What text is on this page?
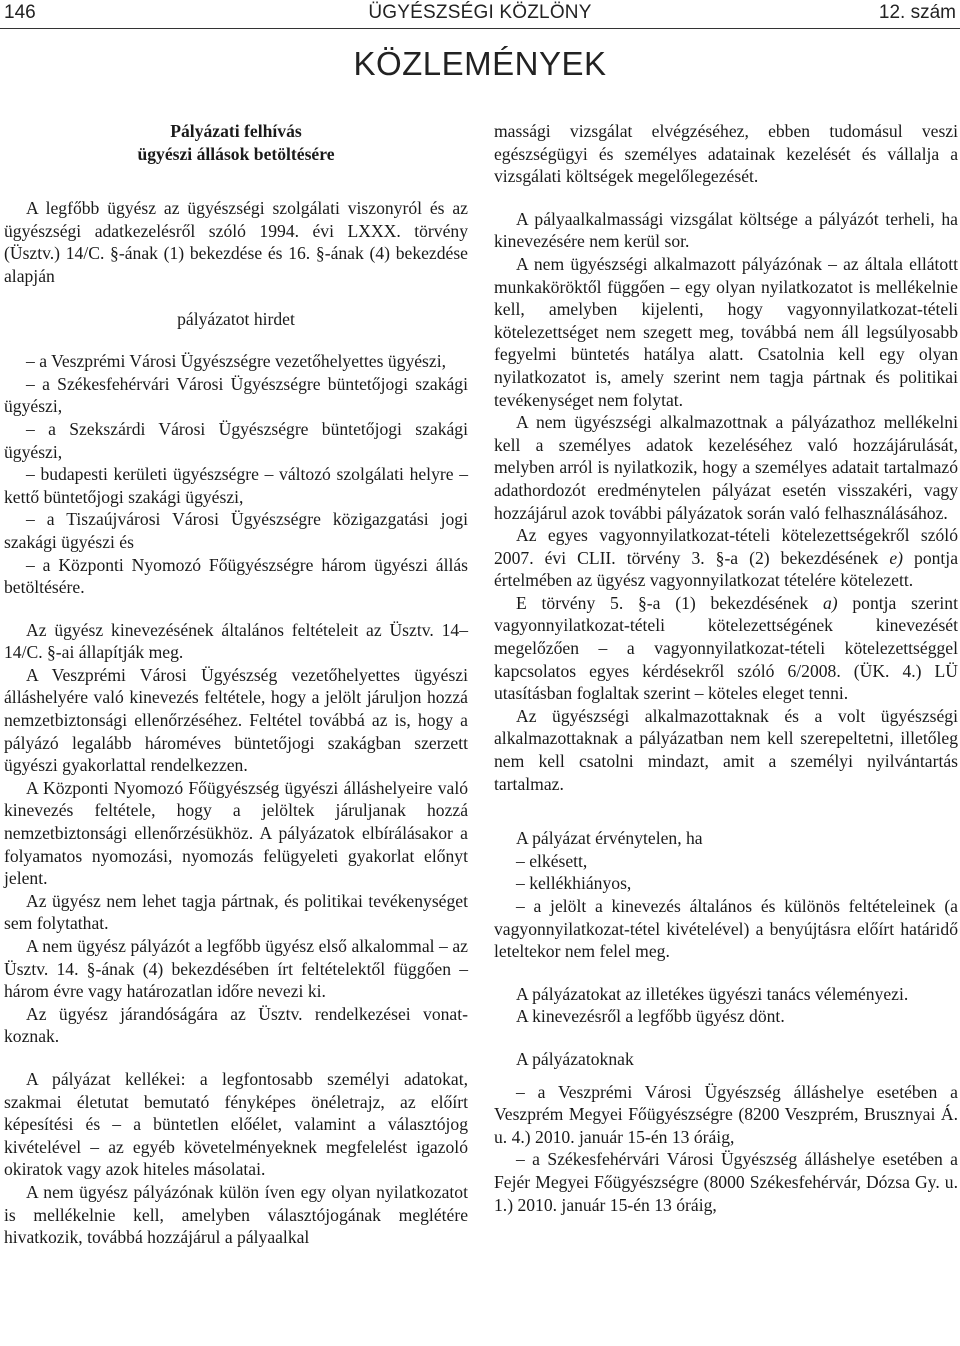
146	ÜGYÉSZSÉGI KÖZLÖNY	12. szám
KÖZLEMÉNYEK

Pályázati felhívás

ügyészi állások betöltésére

A legfőbb ügyész az ügyészségi szolgálati viszonyról és az ügyészségi adatkezelésről szóló 1994. évi LXXX. törvény (Üsztv.) 14/C. §-ának (1) bekezdése és 16. §-ának (4) bekezdése alapján

pályázatot hirdet

– a Veszprémi Városi Ügyészségre vezetőhelyettes ügyészi,

– a Székesfehérvári Városi Ügyészségre büntetőjogi szakági ügyészi,

– a Szekszárdi Városi Ügyészségre büntetőjogi szakági ügyészi,

– budapesti kerületi ügyészségre – változó szolgálati helyre – kettő büntetőjogi szakági ügyészi,

– a Tiszaújvárosi Városi Ügyészségre közigazgatási jogi szakági ügyészi és

– a Központi Nyomozó Főügyészségre három ügyészi állás betöltésére.

Az ügyész kinevezésének általános feltételeit az Üsztv. 14–14/C. §-ai állapítják meg.

A Veszprémi Városi Ügyészség vezetőhelyettes ügyészi álláshelyére való kinevezés feltétele, hogy a jelölt járuljon hozzá nemzetbiztonsági ellenőrzéséhez. Feltétel továbbá az is, hogy a pályázó legalább hároméves büntetőjogi szakágban szerzett ügyészi gyakorlattal rendelkezzen.

A Központi Nyomozó Főügyészség ügyészi álláshelyeire való kinevezés feltétele, hogy a jelöltek járuljanak hozzá nemzetbiztonsági ellenőrzésükhöz. A pályázatok elbírálásakor a folyamatos nyomozási, nyomozás felügyeleti gyakorlat előnyt jelent.

Az ügyész nem lehet tagja pártnak, és politikai tevékenységet sem folytathat.

A nem ügyész pályázót a legfőbb ügyész első alkalommal – az Üsztv. 14. §-ának (4) bekezdésében írt feltételektől függően – három évre vagy határozatlan időre nevezi ki.

Az ügyész járandóságára az Üsztv. rendelkezései vonatkoznak.

A pályázat kellékei: a legfontosabb személyi adatokat, szakmai életutat bemutató fényképes önéletrajz, az előírt képesítési és – a büntetlen előélet, valamint a választójog kivételével – az egyéb követelményeknek megfelelést igazoló okiratok vagy azok hiteles másolatai.

A nem ügyész pályázónak külön íven egy olyan nyilatkozatot is mellékelnie kell, amelyben választójogának meglétére hivatkozik, továbbá hozzájárul a pályaalkal

massági vizsgálat elvégzéséhez, ebben tudomásul veszi egészségügyi és személyes adatainak kezelését és vállalja a vizsgálati költségek megelőlegezését.

A pályaalkalmassági vizsgálat költsége a pályázót terheli, ha kinevezésére nem kerül sor.

A nem ügyészségi alkalmazott pályázónak – az általa ellátott munkaköröktől függően – egy olyan nyilatkozatot is mellékelnie kell, amelyben kijelenti, hogy vagyonnyilatkozat-tételi kötelezettséget nem szegett meg, továbbá nem áll legsúlyosabb fegyelmi büntetés hatálya alatt. Csatolnia kell egy olyan nyilatkozatot is, amely szerint nem tagja pártnak és politikai tevékenységet nem folytat.

A nem ügyészségi alkalmazottnak a pályázathoz mellékelni kell a személyes adatok kezeléséhez való hozzájárulását, melyben arról is nyilatkozik, hogy a személyes adatait tartalmazó adathordozót eredménytelen pályázat esetén visszakéri, vagy hozzájárul azok további pályázatok során való felhasználásához.

Az egyes vagyonnyilatkozat-tételi kötelezettségekről szóló 2007. évi CLII. törvény 3. §-a (2) bekezdésének e) pontja értelmében az ügyész vagyonnyilatkozat tételére kötelezett.

E törvény 5. §-a (1) bekezdésének a) pontja szerint vagyonnyilatkozat-tételi kötelezettségének kinevezését megelőzően – a vagyonnyilatkozat-tételi kötelezettséggel kapcsolatos egyes kérdésekről szóló 6/2008. (ÜK. 4.) LÜ utasításban foglaltak szerint – köteles eleget tenni.

Az ügyészségi alkalmazottaknak és a volt ügyészségi alkalmazottaknak a pályázatban nem kell szerepeltetni, illetőleg nem kell csatolni mindazt, amit a személyi nyilvántartás tartalmaz.

A pályázat érvénytelen, ha

– elkésett,

– kellékhiányos,

– a jelölt a kinevezés általános és különös feltételeinek (a vagyonnyilatkozat-tétel kivételével) a benyújtásra előírt határidő leteltekor nem felel meg.

A pályázatokat az illetékes ügyészi tanács véleményezi.

A kinevezésről a legfőbb ügyész dönt.

A pályázatoknak

– a Veszprémi Városi Ügyészség álláshelye esetében a Veszprém Megyei Főügyészségre (8200 Veszprém, Brusznyai Á. u. 4.) 2010. január 15-én 13 óráig,

– a Székesfehérvári Városi Ügyészség álláshelye esetében a Fejér Megyei Főügyészségre (8000 Székesfehérvár, Dózsa Gy. u. 1.) 2010. január 15-én 13 óráig,
